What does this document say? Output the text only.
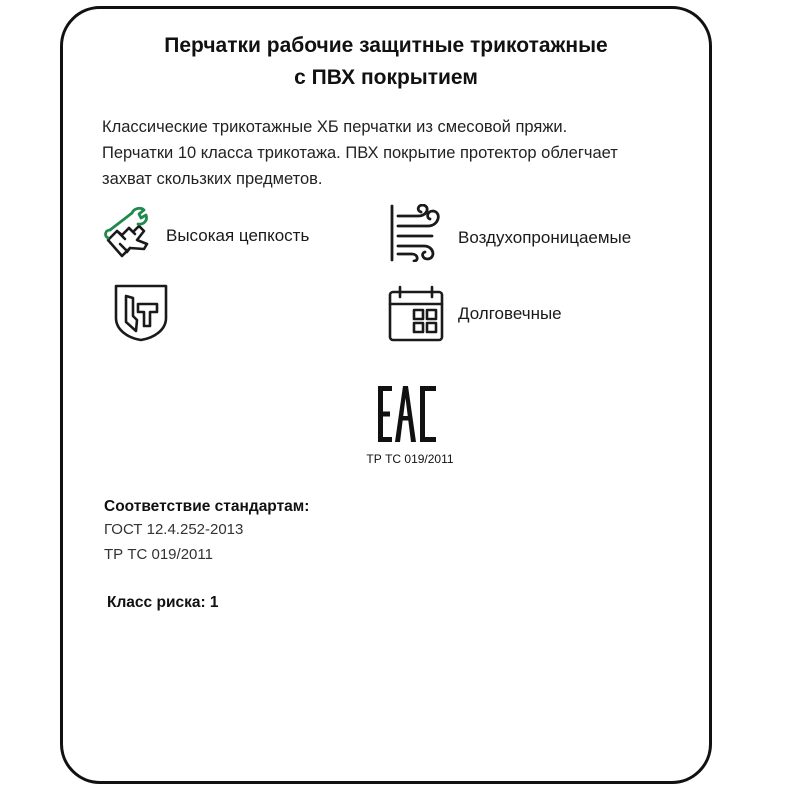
Перчатки рабочие защитные трикотажные
с ПВХ покрытием

Классические трикотажные ХБ перчатки из смесовой пряжи.
Перчатки 10 класса трикотажа. ПВХ покрытие протектор облегчает
захват скользких предметов.

Высокая цепкость	Воздухопроницаемые
Долговечные
ТР ТС 019/2011
Соответствие стандартам:
ГОСТ 12.4.252-2013
ТР ТС 019/2011
Класс риска: 1
